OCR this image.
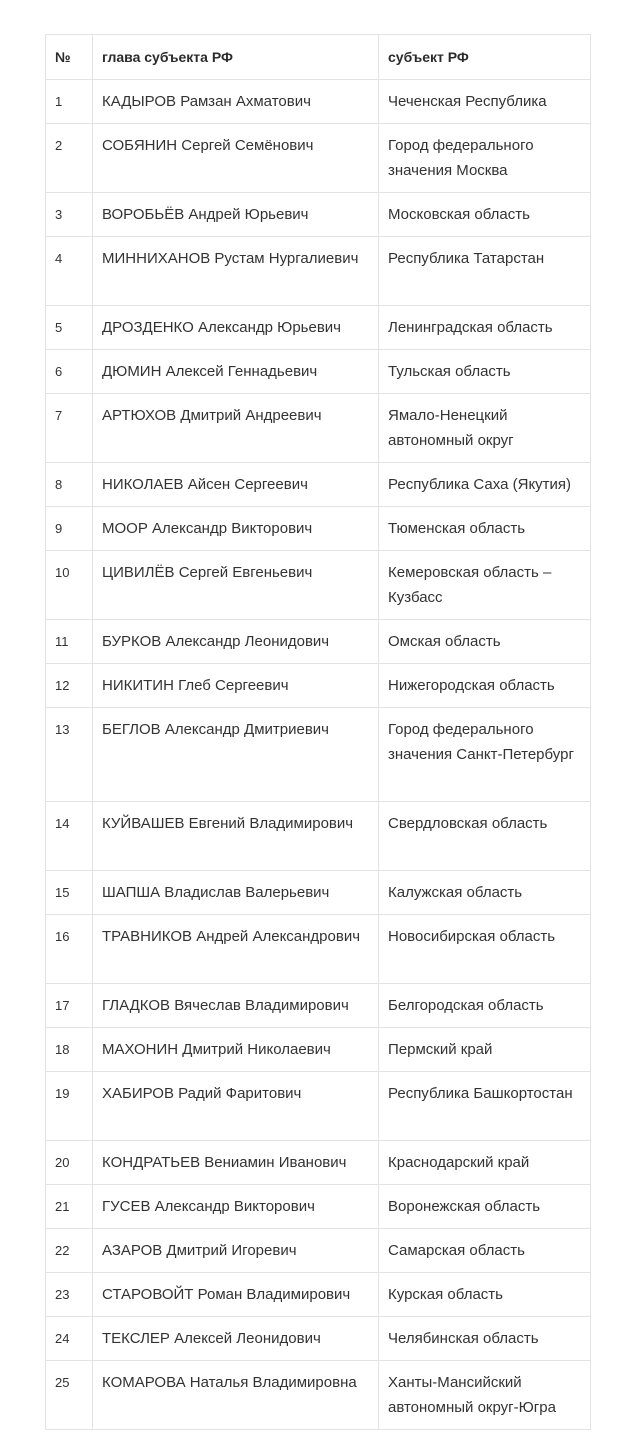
№	глава субъекта РФ	субъект РФ
1	КАДЫРОВ Рамзан Ахматович	Чеченская Республика
2	СОБЯНИН Сергей Семёнович	Город федерального значения Москва
3	ВОРОБЬЁВ Андрей Юрьевич	Московская область
4	МИННИХАНОВ Рустам Нургалиевич	Республика Татарстан
5	ДРОЗДЕНКО Александр Юрьевич	Ленинградская область
6	ДЮМИН Алексей Геннадьевич	Тульская область
7	АРТЮХОВ Дмитрий Андреевич	Ямало-Ненецкий автономный округ
8	НИКОЛАЕВ Айсен Сергеевич	Республика Саха (Якутия)
9	МООР Александр Викторович	Тюменская область
10	ЦИВИЛЁВ Сергей Евгеньевич	Кемеровская область – Кузбасс
11	БУРКОВ Александр Леонидович	Омская область
12	НИКИТИН Глеб Сергеевич	Нижегородская область
13	БЕГЛОВ Александр Дмитриевич	Город федерального значения Санкт-Петербург
14	КУЙВАШЕВ Евгений Владимирович	Свердловская область
15	ШАПША Владислав Валерьевич	Калужская область
16	ТРАВНИКОВ Андрей Александрович	Новосибирская область
17	ГЛАДКОВ Вячеслав Владимирович	Белгородская область
18	МАХОНИН Дмитрий Николаевич	Пермский край
19	ХАБИРОВ Радий Фаритович	Республика Башкортостан
20	КОНДРАТЬЕВ Вениамин Иванович	Краснодарский край
21	ГУСЕВ Александр Викторович	Воронежская область
22	АЗАРОВ Дмитрий Игоревич	Самарская область
23	СТАРОВОЙТ Роман Владимирович	Курская область
24	ТЕКСЛЕР Алексей Леонидович	Челябинская область
25	КОМАРОВА Наталья Владимировна	Ханты-Мансийский автономный округ-Югра
